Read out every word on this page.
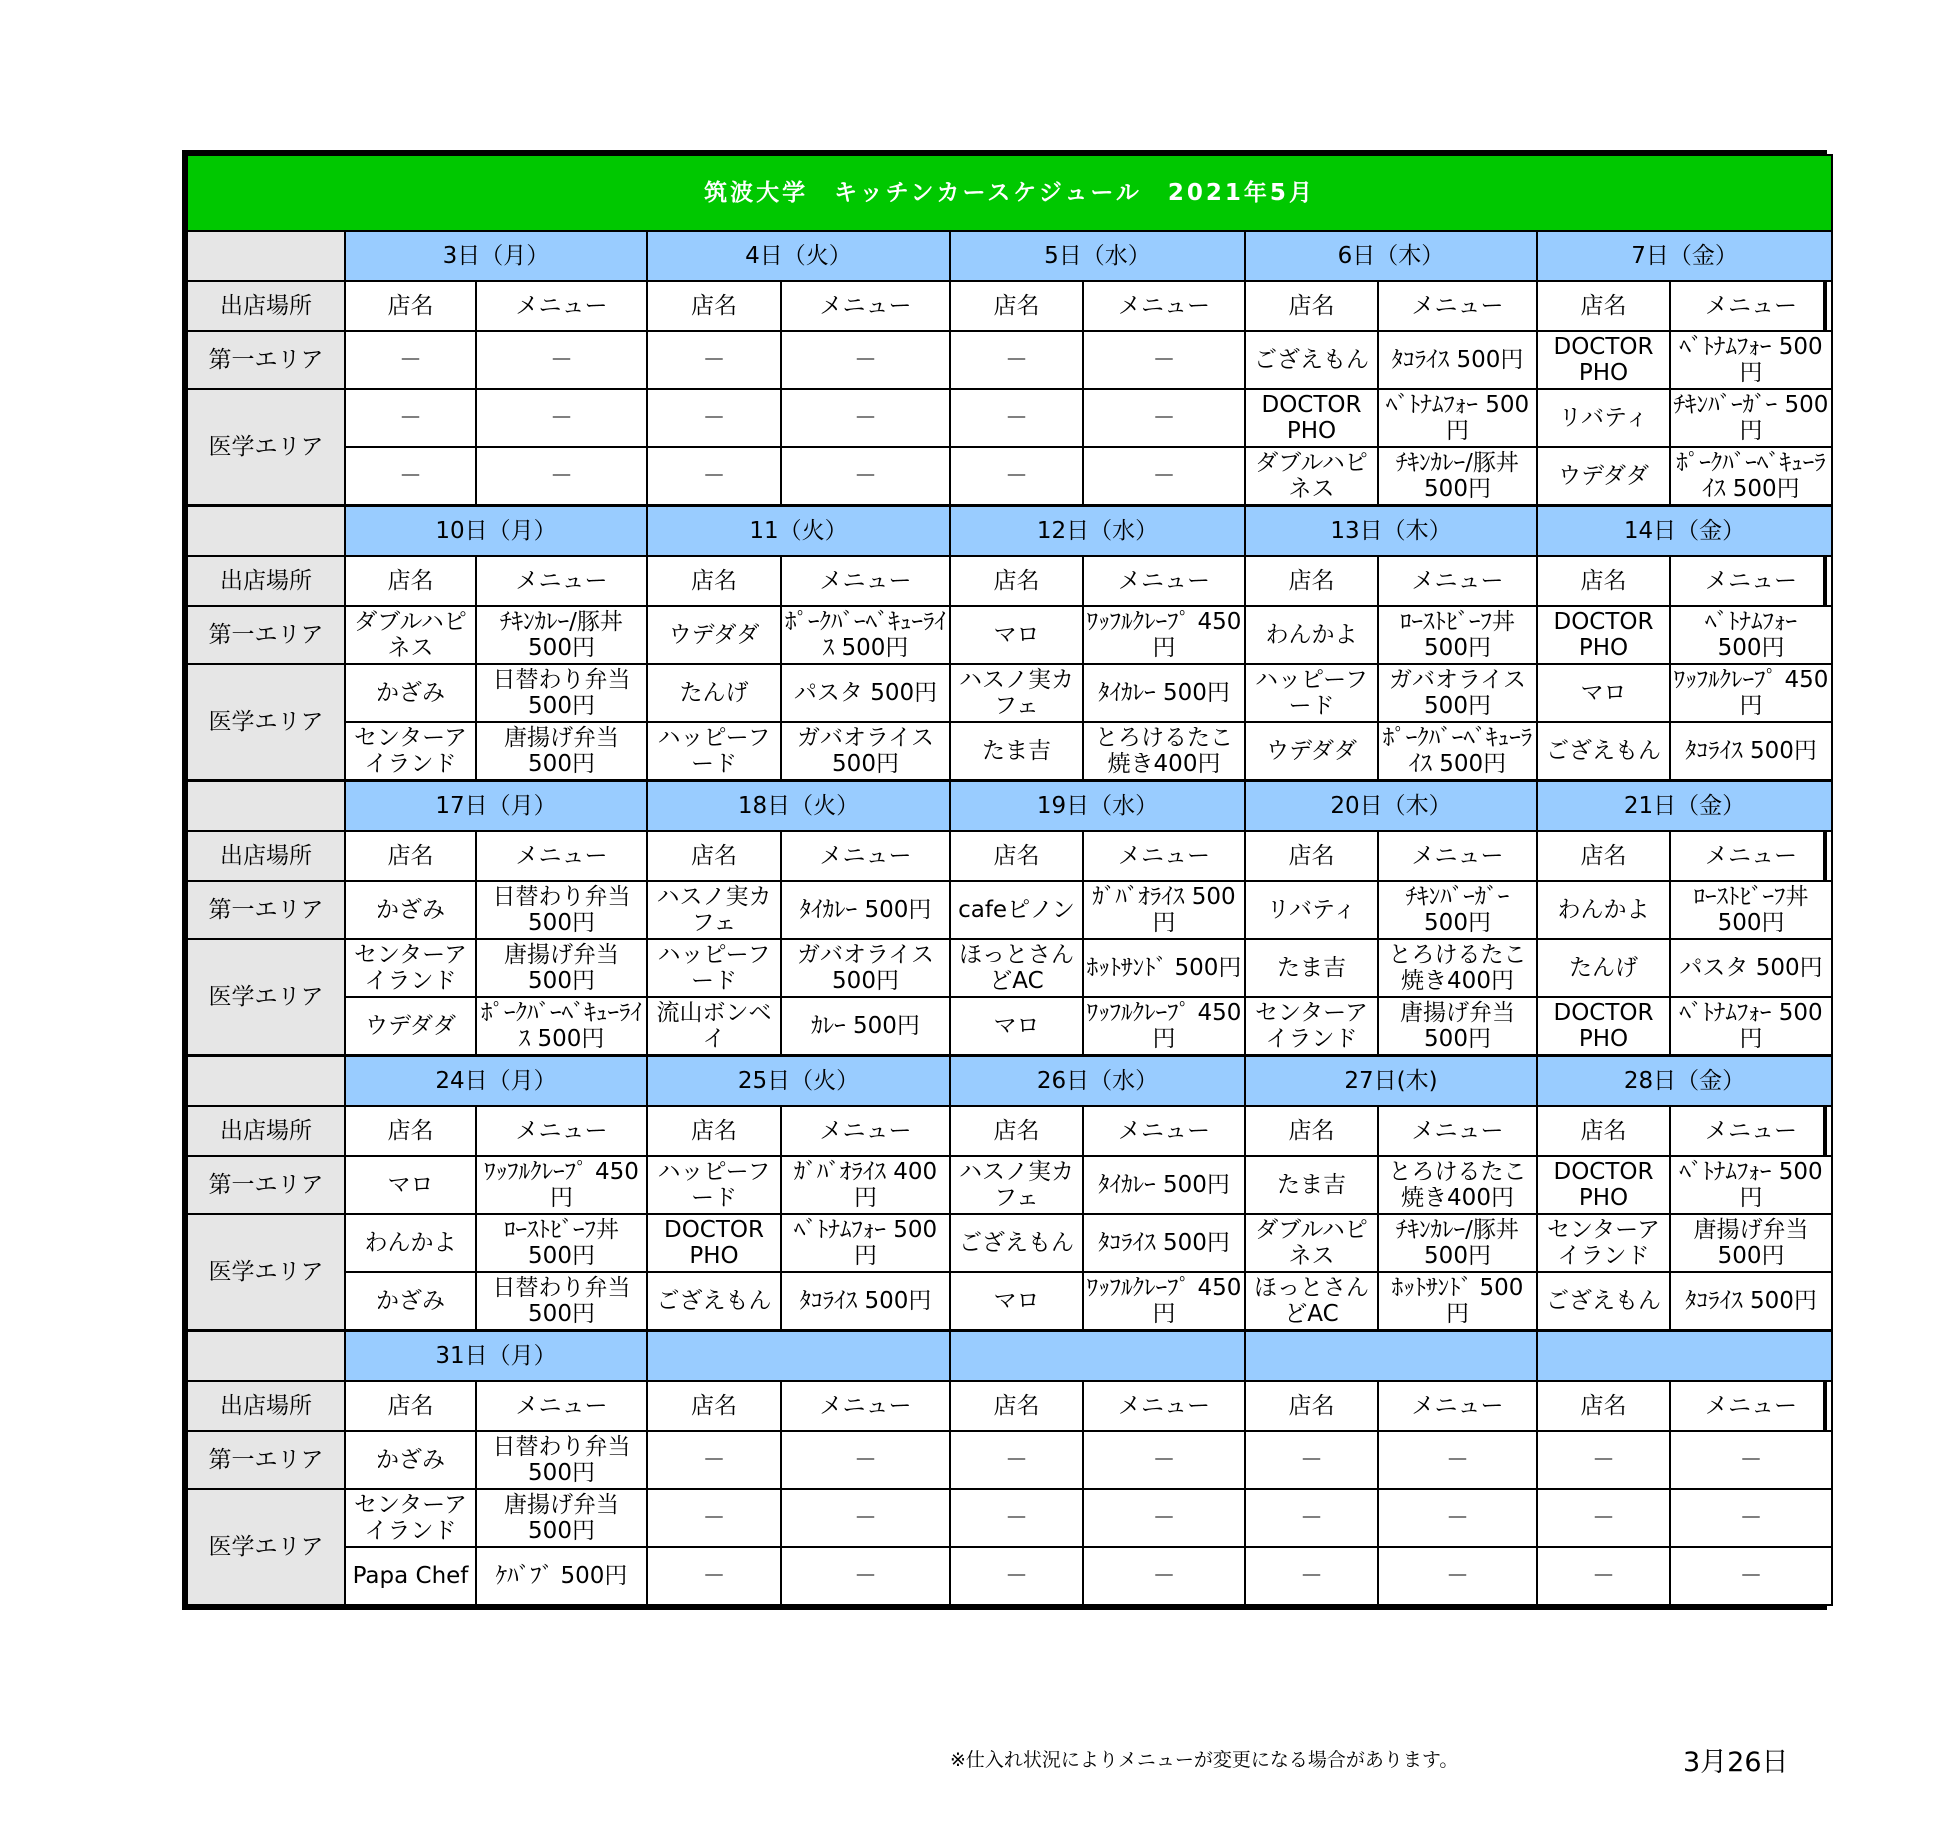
筑波大学　キッチンカースケジュール　2021年5月										
	3日（月）		4日（火）		5日（水）		6日（木）		7日（金）	
出店場所	店名	メニュー	店名	メニュー	店名	メニュー	店名	メニュー	店名	メニュー
第一エリア	－	－	－	－	－	－	ござえもん	ﾀｺﾗｲｽ 500円	DOCTOR PHO	ﾍﾞﾄﾅﾑﾌｫｰ 500円
医学エリア	－	－	－	－	－	－	DOCTOR PHO	ﾍﾞﾄﾅﾑﾌｫｰ 500円	リバティ	ﾁｷﾝﾊﾞｰｶﾞｰ 500円
	－	－	－	－	－	－	ダブルハピネス	ﾁｷﾝｶﾚｰ/豚丼 500円	ウデダダ	ﾎﾟｰｸﾊﾞｰﾍﾞｷｭｰﾗｲｽ 500円
	10日（月）		11（火）		12日（水）		13日（木）		14日（金）	
出店場所	店名	メニュー	店名	メニュー	店名	メニュー	店名	メニュー	店名	メニュー
第一エリア	ダブルハピネス	ﾁｷﾝｶﾚｰ/豚丼 500円	ウデダダ	ﾎﾟｰｸﾊﾞｰﾍﾞｷｭｰﾗｲｽ 500円	マロ	ﾜｯﾌﾙｸﾚｰﾌﾟ 450円	わんかよ	ﾛｰｽﾄﾋﾞｰﾌ丼 500円	DOCTOR PHO	ﾍﾞﾄﾅﾑﾌｫｰ　500円
医学エリア	かざみ	日替わり弁当 500円	たんげ	パスタ 500円	ハスノ実カフェ	ﾀｲｶﾚｰ 500円	ハッピーフード	ガバオライス 500円	マロ	ﾜｯﾌﾙｸﾚｰﾌﾟ 450円
	センターアイランド	唐揚げ弁当 500円	ハッピーフード	ガバオライス 500円	たま吉	とろけるたこ焼き400円	ウデダダ	ﾎﾟｰｸﾊﾞｰﾍﾞｷｭｰﾗｲｽ 500円	ござえもん	ﾀｺﾗｲｽ 500円
	17日（月）		18日（火）		19日（水）		20日（木）		21日（金）	
出店場所	店名	メニュー	店名	メニュー	店名	メニュー	店名	メニュー	店名	メニュー
第一エリア	かざみ	日替わり弁当 500円	ハスノ実カフェ	ﾀｲｶﾚｰ 500円	cafeピノン	ｶﾞﾊﾞｵﾗｲｽ 500円	リバティ	ﾁｷﾝﾊﾞｰｶﾞｰ 500円	わんかよ	ﾛｰｽﾄﾋﾞｰﾌ丼 500円
医学エリア	センターアイランド	唐揚げ弁当 500円	ハッピーフード	ガバオライス 500円	ほっとさんどAC	ﾎｯﾄｻﾝﾄﾞ 500円	たま吉	とろけるたこ焼き400円	たんげ	パスタ 500円
	ウデダダ	ﾎﾟｰｸﾊﾞｰﾍﾞｷｭｰﾗｲｽ 500円	流山ボンベイ	ｶﾚｰ 500円	マロ	ﾜｯﾌﾙｸﾚｰﾌﾟ 450円	センターアイランド	唐揚げ弁当 500円	DOCTOR PHO	ﾍﾞﾄﾅﾑﾌｫｰ 500円
	24日（月）		25日（火）		26日（水）		27日(木)		28日（金）	
出店場所	店名	メニュー	店名	メニュー	店名	メニュー	店名	メニュー	店名	メニュー
第一エリア	マロ	ﾜｯﾌﾙｸﾚｰﾌﾟ 450円	ハッピーフード	ｶﾞﾊﾞｵﾗｲｽ 400円	ハスノ実カフェ	ﾀｲｶﾚｰ 500円	たま吉	とろけるたこ焼き400円	DOCTOR PHO	ﾍﾞﾄﾅﾑﾌｫｰ 500円
医学エリア	わんかよ	ﾛｰｽﾄﾋﾞｰﾌ丼 500円	DOCTOR PHO	ﾍﾞﾄﾅﾑﾌｫｰ 500円	ござえもん	ﾀｺﾗｲｽ 500円	ダブルハピネス	ﾁｷﾝｶﾚｰ/豚丼 500円	センターアイランド	唐揚げ弁当 500円
	かざみ	日替わり弁当 500円	ござえもん	ﾀｺﾗｲｽ 500円	マロ	ﾜｯﾌﾙｸﾚｰﾌﾟ 450円	ほっとさんどAC	ﾎｯﾄｻﾝﾄﾞ 500円	ござえもん	ﾀｺﾗｲｽ 500円
	31日（月）									
出店場所	店名	メニュー	店名	メニュー	店名	メニュー	店名	メニュー	店名	メニュー
第一エリア	かざみ	日替わり弁当 500円	－	－	－	－	－	－	－	－
医学エリア	センターアイランド	唐揚げ弁当 500円	－	－	－	－	－	－	－	－
	Papa Chef	ｹﾊﾞﾌﾞ 500円	－	－	－	－	－	－	－	－
※仕入れ状況によりメニューが変更になる場合があります。	3月26日
